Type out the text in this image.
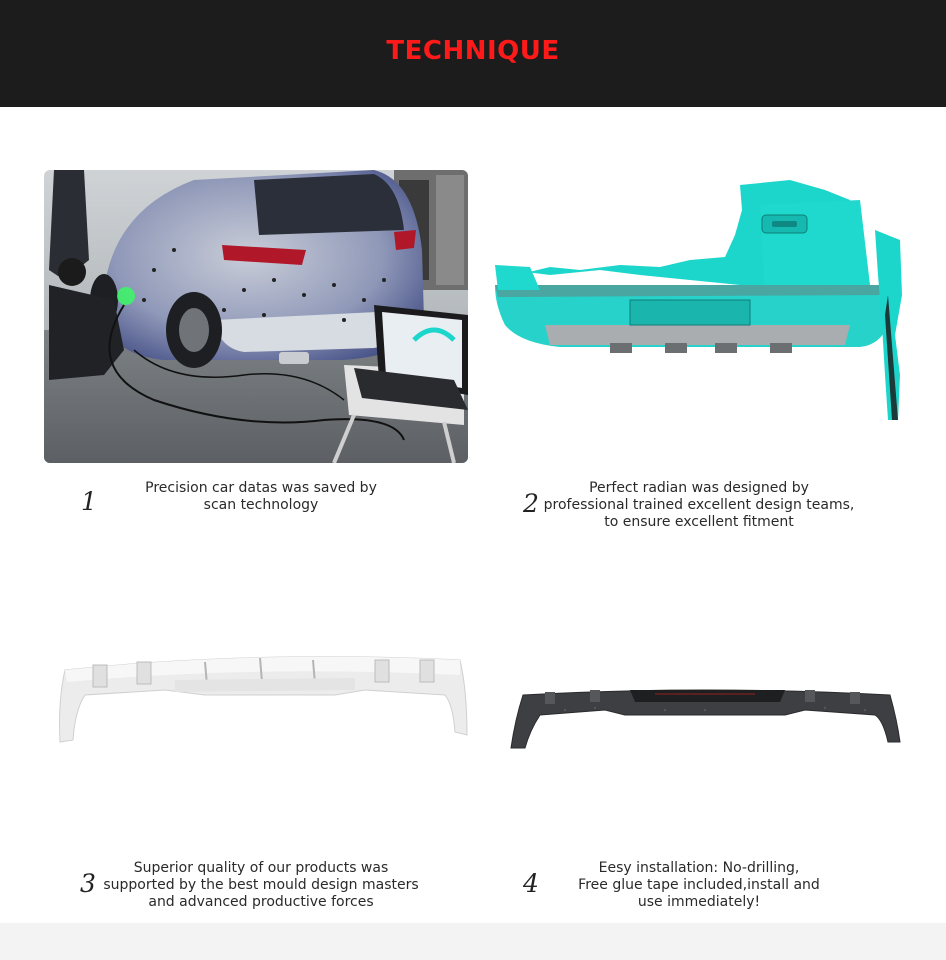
TECHNIQUE
1	Precision car datas was saved by
scan technology	2
Perfect radian was designed by
professional trained excellent design teams,
to ensure excellent fitment
3
Superior quality of our products was
supported by the best mould design masters
and advanced productive forces
4
Eesy installation: No-drilling,
Free glue tape included,install and
use immediately!
